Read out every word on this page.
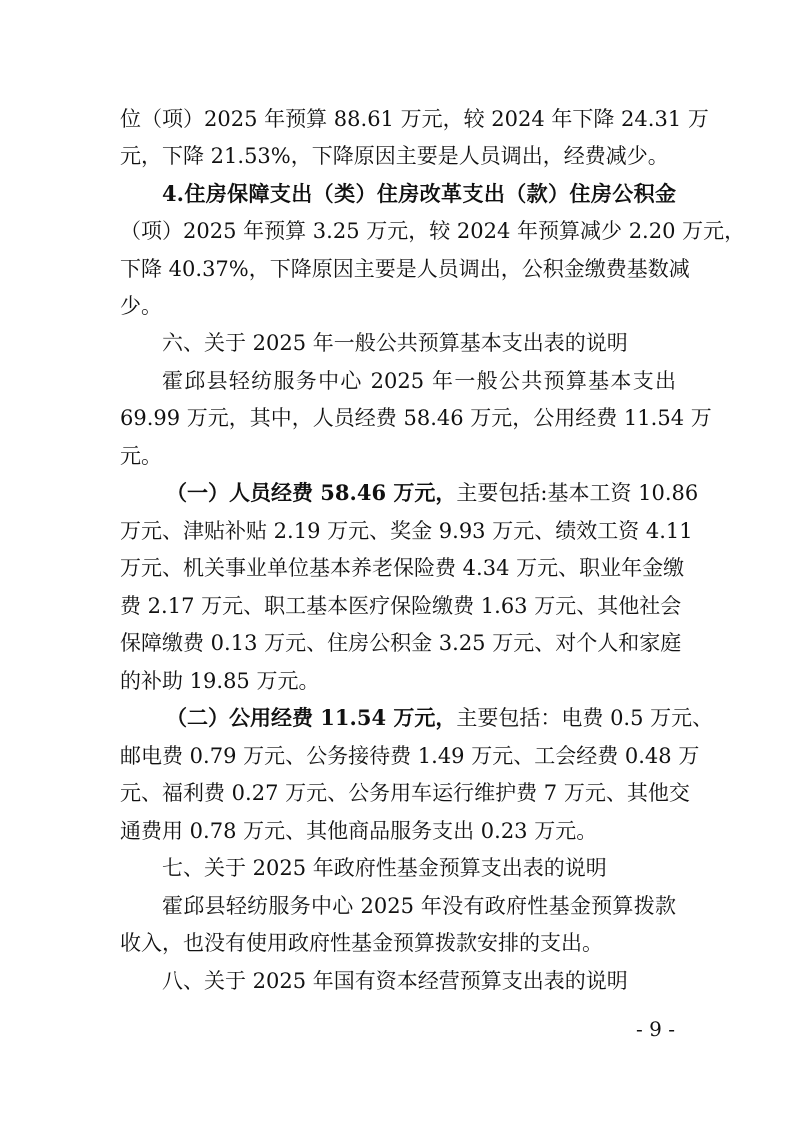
位（项）2025 年预算 88.61 万元，较 2024 年下降 24.31 万
元，下降 21.53%，下降原因主要是人员调出，经费减少。
4.住房保障支出（类）住房改革支出（款）住房公积金
（项）2025 年预算 3.25 万元，较 2024 年预算减少 2.20 万元，
下降 40.37%，下降原因主要是人员调出，公积金缴费基数减
少。
六、关于 2025 年一般公共预算基本支出表的说明
霍邱县轻纺服务中心 2025 年一般公共预算基本支出
69.99 万元，其中，人员经费 58.46 万元，公用经费 11.54 万
元。
（一）人员经费 58.46 万元，主要包括:基本工资 10.86
万元、津贴补贴 2.19 万元、奖金 9.93 万元、绩效工资 4.11
万元、机关事业单位基本养老保险费 4.34 万元、职业年金缴
费 2.17 万元、职工基本医疗保险缴费 1.63 万元、其他社会
保障缴费 0.13 万元、住房公积金 3.25 万元、对个人和家庭
的补助 19.85 万元。
（二）公用经费 11.54 万元，主要包括：电费 0.5 万元、
邮电费 0.79 万元、公务接待费 1.49 万元、工会经费 0.48 万
元、福利费 0.27 万元、公务用车运行维护费 7 万元、其他交
通费用 0.78 万元、其他商品服务支出 0.23 万元。
七、关于 2025 年政府性基金预算支出表的说明
霍邱县轻纺服务中心 2025 年没有政府性基金预算拨款
收入，也没有使用政府性基金预算拨款安排的支出。
八、关于 2025 年国有资本经营预算支出表的说明
- 9 -
